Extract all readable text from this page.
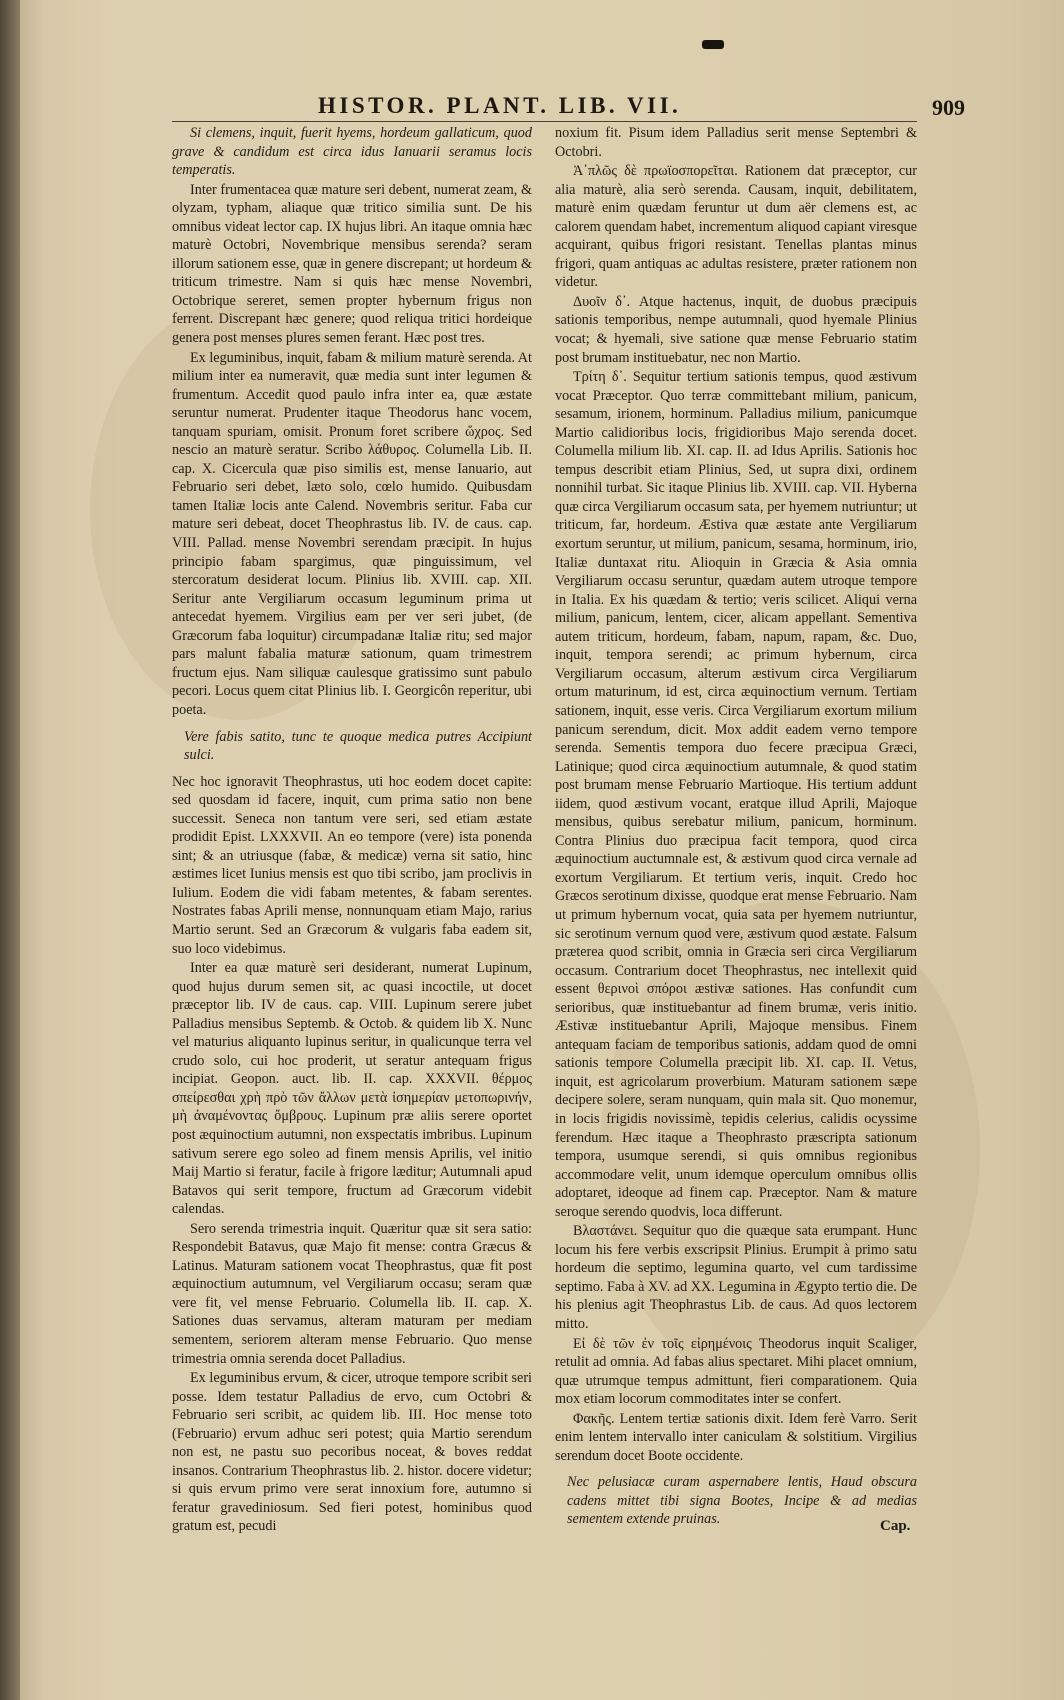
HISTOR. PLANT. LIB. VII.	909

Si clemens, inquit, fuerit hyems, hordeum gallaticum, quod grave & candidum est circa idus Ianuarii seramus locis temperatis.

Inter frumentacea quæ mature seri debent, numerat zeam, & olyzam, typham, aliaque quæ tritico similia sunt. De his omnibus videat lector cap. IX hujus libri. An itaque omnia hæc maturè Octobri, Novembrique mensibus serenda? seram illorum sationem esse, quæ in genere discrepant; ut hordeum & triticum trimestre. Nam si quis hæc mense Novembri, Octobrique sereret, semen propter hybernum frigus non ferrent. Discrepant hæc genere; quod reliqua tritici hordeique genera post menses plures semen ferant. Hæc post tres.

Ex leguminibus, inquit, fabam & milium maturè serenda. At milium inter ea numeravit, quæ media sunt inter legumen & frumentum. Accedit quod paulo infra inter ea, quæ æstate seruntur numerat. Prudenter itaque Theodorus hanc vocem, tanquam spuriam, omisit. Pronum foret scribere ὤχρος. Sed nescio an maturè seratur. Scribo λάθυρος. Columella Lib. II. cap. X. Cicercula quæ piso similis est, mense Ianuario, aut Februario seri debet, læto solo, cœlo humido. Quibusdam tamen Italiæ locis ante Calend. Novembris seritur. Faba cur mature seri debeat, docet Theophrastus lib. IV. de caus. cap. VIII. Pallad. mense Novembri serendam præcipit. In hujus principio fabam spargimus, quæ pinguissimum, vel stercoratum desiderat locum. Plinius lib. XVIII. cap. XII. Seritur ante Vergiliarum occasum leguminum prima ut antecedat hyemem. Virgilius eam per ver seri jubet, (de Græcorum faba loquitur) circumpadanæ Italiæ ritu; sed major pars malunt fabalia maturæ sationum, quam trimestrem fructum ejus. Nam siliquæ caulesque gratissimo sunt pabulo pecori. Locus quem citat Plinius lib. I. Georgicôn reperitur, ubi poeta.

Vere fabis satito, tunc te quoque medica putres Accipiunt sulci.

Nec hoc ignoravit Theophrastus, uti hoc eodem docet capite: sed quosdam id facere, inquit, cum prima satio non bene successit. Seneca non tantum vere seri, sed etiam æstate prodidit Epist. LXXXVII. An eo tempore (vere) ista ponenda sint; & an utriusque (fabæ, & medicæ) verna sit satio, hinc æstimes licet Iunius mensis est quo tibi scribo, jam proclivis in Iulium. Eodem die vidi fabam metentes, & fabam serentes. Nostrates fabas Aprili mense, nonnunquam etiam Majo, rarius Martio serunt. Sed an Græcorum & vulgaris faba eadem sit, suo loco videbimus.

Inter ea quæ maturè seri desiderant, numerat Lupinum, quod hujus durum semen sit, ac quasi incoctile, ut docet præceptor lib. IV de caus. cap. VIII. Lupinum serere jubet Palladius mensibus Septemb. & Octob. & quidem lib X. Nunc vel maturius aliquanto lupinus seritur, in qualicunque terra vel crudo solo, cui hoc proderit, ut seratur antequam frigus incipiat. Geopon. auct. lib. II. cap. XXXVII. θέρμος σπείρεσθαι χρὴ πρὸ τῶν ἄλλων μετὰ ἰσημερίαν μετοπωρινήν, μὴ ἀναμένοντας ὄμβρους. Lupinum præ aliis serere oportet post æquinoctium autumni, non exspectatis imbribus. Lupinum sativum serere ego soleo ad finem mensis Aprilis, vel initio Maij Martio si feratur, facile à frigore læditur; Autumnali apud Batavos qui serit tempore, fructum ad Græcorum videbit calendas.

Sero serenda trimestria inquit. Quæritur quæ sit sera satio: Respondebit Batavus, quæ Majo fit mense: contra Græcus & Latinus. Maturam sationem vocat Theophrastus, quæ fit post æquinoctium autumnum, vel Vergiliarum occasu; seram quæ vere fit, vel mense Februario. Columella lib. II. cap. X. Sationes duas servamus, alteram maturam per mediam sementem, seriorem alteram mense Februario. Quo mense trimestria omnia serenda docet Palladius.

Ex leguminibus ervum, & cicer, utroque tempore scribit seri posse. Idem testatur Palladius de ervo, cum Octobri & Februario seri scribit, ac quidem lib. III. Hoc mense toto (Februario) ervum adhuc seri potest; quia Martio serendum non est, ne pastu suo pecoribus noceat, & boves reddat insanos. Contrarium Theophrastus lib. 2. histor. docere videtur; si quis ervum primo vere serat innoxium fore, autumno si feratur gravediniosum. Sed fieri potest, hominibus quod gratum est, pecudi

noxium fit. Pisum idem Palladius serit mense Septembri & Octobri.

Ἀ᾽πλῶς δὲ πρωϊοσπορεῖται. Rationem dat præceptor, cur alia maturè, alia serò serenda. Causam, inquit, debilitatem, maturè enim quædam feruntur ut dum aër clemens est, ac calorem quendam habet, incrementum aliquod capiant viresque acquirant, quibus frigori resistant. Tenellas plantas minus frigori, quam antiquas ac adultas resistere, præter rationem non videtur.

Δυοῖν δ᾽. Atque hactenus, inquit, de duobus præcipuis sationis temporibus, nempe autumnali, quod hyemale Plinius vocat; & hyemali, sive satione quæ mense Februario statim post brumam instituebatur, nec non Martio.

Τρίτη δ᾽. Sequitur tertium sationis tempus, quod æstivum vocat Præceptor. Quo terræ committebant milium, panicum, sesamum, irionem, horminum. Palladius milium, panicumque Martio calidioribus locis, frigidioribus Majo serenda docet. Columella milium lib. XI. cap. II. ad Idus Aprilis. Sationis hoc tempus describit etiam Plinius, Sed, ut supra dixi, ordinem nonnihil turbat. Sic itaque Plinius lib. XVIII. cap. VII. Hyberna quæ circa Vergiliarum occasum sata, per hyemem nutriuntur; ut triticum, far, hordeum. Æstiva quæ æstate ante Vergiliarum exortum seruntur, ut milium, panicum, sesama, horminum, irio, Italiæ duntaxat ritu. Alioquin in Græcia & Asia omnia Vergiliarum occasu seruntur, quædam autem utroque tempore in Italia. Ex his quædam & tertio; veris scilicet. Aliqui verna milium, panicum, lentem, cicer, alicam appellant. Sementiva autem triticum, hordeum, fabam, napum, rapam, &c. Duo, inquit, tempora serendi; ac primum hybernum, circa Vergiliarum occasum, alterum æstivum circa Vergiliarum ortum maturinum, id est, circa æquinoctium vernum. Tertiam sationem, inquit, esse veris. Circa Vergiliarum exortum milium panicum serendum, dicit. Mox addit eadem verno tempore serenda. Sementis tempora duo fecere præcipua Græci, Latinique; quod circa æquinoctium autumnale, & quod statim post brumam mense Februario Martioque. His tertium addunt iidem, quod æstivum vocant, eratque illud Aprili, Majoque mensibus, quibus serebatur milium, panicum, horminum. Contra Plinius duo præcipua facit tempora, quod circa æquinoctium auctumnale est, & æstivum quod circa vernale ad exortum Vergiliarum. Et tertium veris, inquit. Credo hoc Græcos serotinum dixisse, quodque erat mense Februario. Nam ut primum hybernum vocat, quia sata per hyemem nutriuntur, sic serotinum vernum quod vere, æstivum quod æstate. Falsum præterea quod scribit, omnia in Græcia seri circa Vergiliarum occasum. Contrarium docet Theophrastus, nec intellexit quid essent θερινοὶ σπόροι æstivæ sationes. Has confundit cum serioribus, quæ instituebantur ad finem brumæ, veris initio. Æstivæ instituebantur Aprili, Majoque mensibus. Finem antequam faciam de temporibus sationis, addam quod de omni sationis tempore Columella præcipit lib. XI. cap. II. Vetus, inquit, est agricolarum proverbium. Maturam sationem sæpe decipere solere, seram nunquam, quin mala sit. Quo monemur, in locis frigidis novissimè, tepidis celerius, calidis ocyssime ferendum. Hæc itaque a Theophrasto præscripta sationum tempora, usumque serendi, si quis omnibus regionibus accommodare velit, unum idemque operculum omnibus ollis adoptaret, ideoque ad finem cap. Præceptor. Nam & mature seroque serendo quodvis, loca differunt.

Βλαστάνει. Sequitur quo die quæque sata erumpant. Hunc locum his fere verbis exscripsit Plinius. Erumpit à primo satu hordeum die septimo, legumina quarto, vel cum tardissime septimo. Faba à XV. ad XX. Legumina in Ægypto tertio die. De his plenius agit Theophrastus Lib. de caus. Ad quos lectorem mitto.

Εἰ δὲ τῶν ἐν τοῖς εἰρημένοις Theodorus inquit Scaliger, retulit ad omnia. Ad fabas alius spectaret. Mihi placet omnium, quæ utrumque tempus admittunt, fieri comparationem. Quia mox etiam locorum commoditates inter se confert.

Φακῆς. Lentem tertiæ sationis dixit. Idem ferè Varro. Serit enim lentem intervallo inter caniculam & solstitium. Virgilius serendum docet Boote occidente.

Nec pelusiacæ curam aspernabere lentis, Haud obscura cadens mittet tibi signa Bootes, Incipe & ad medias sementem extende pruinas.	Cap.
